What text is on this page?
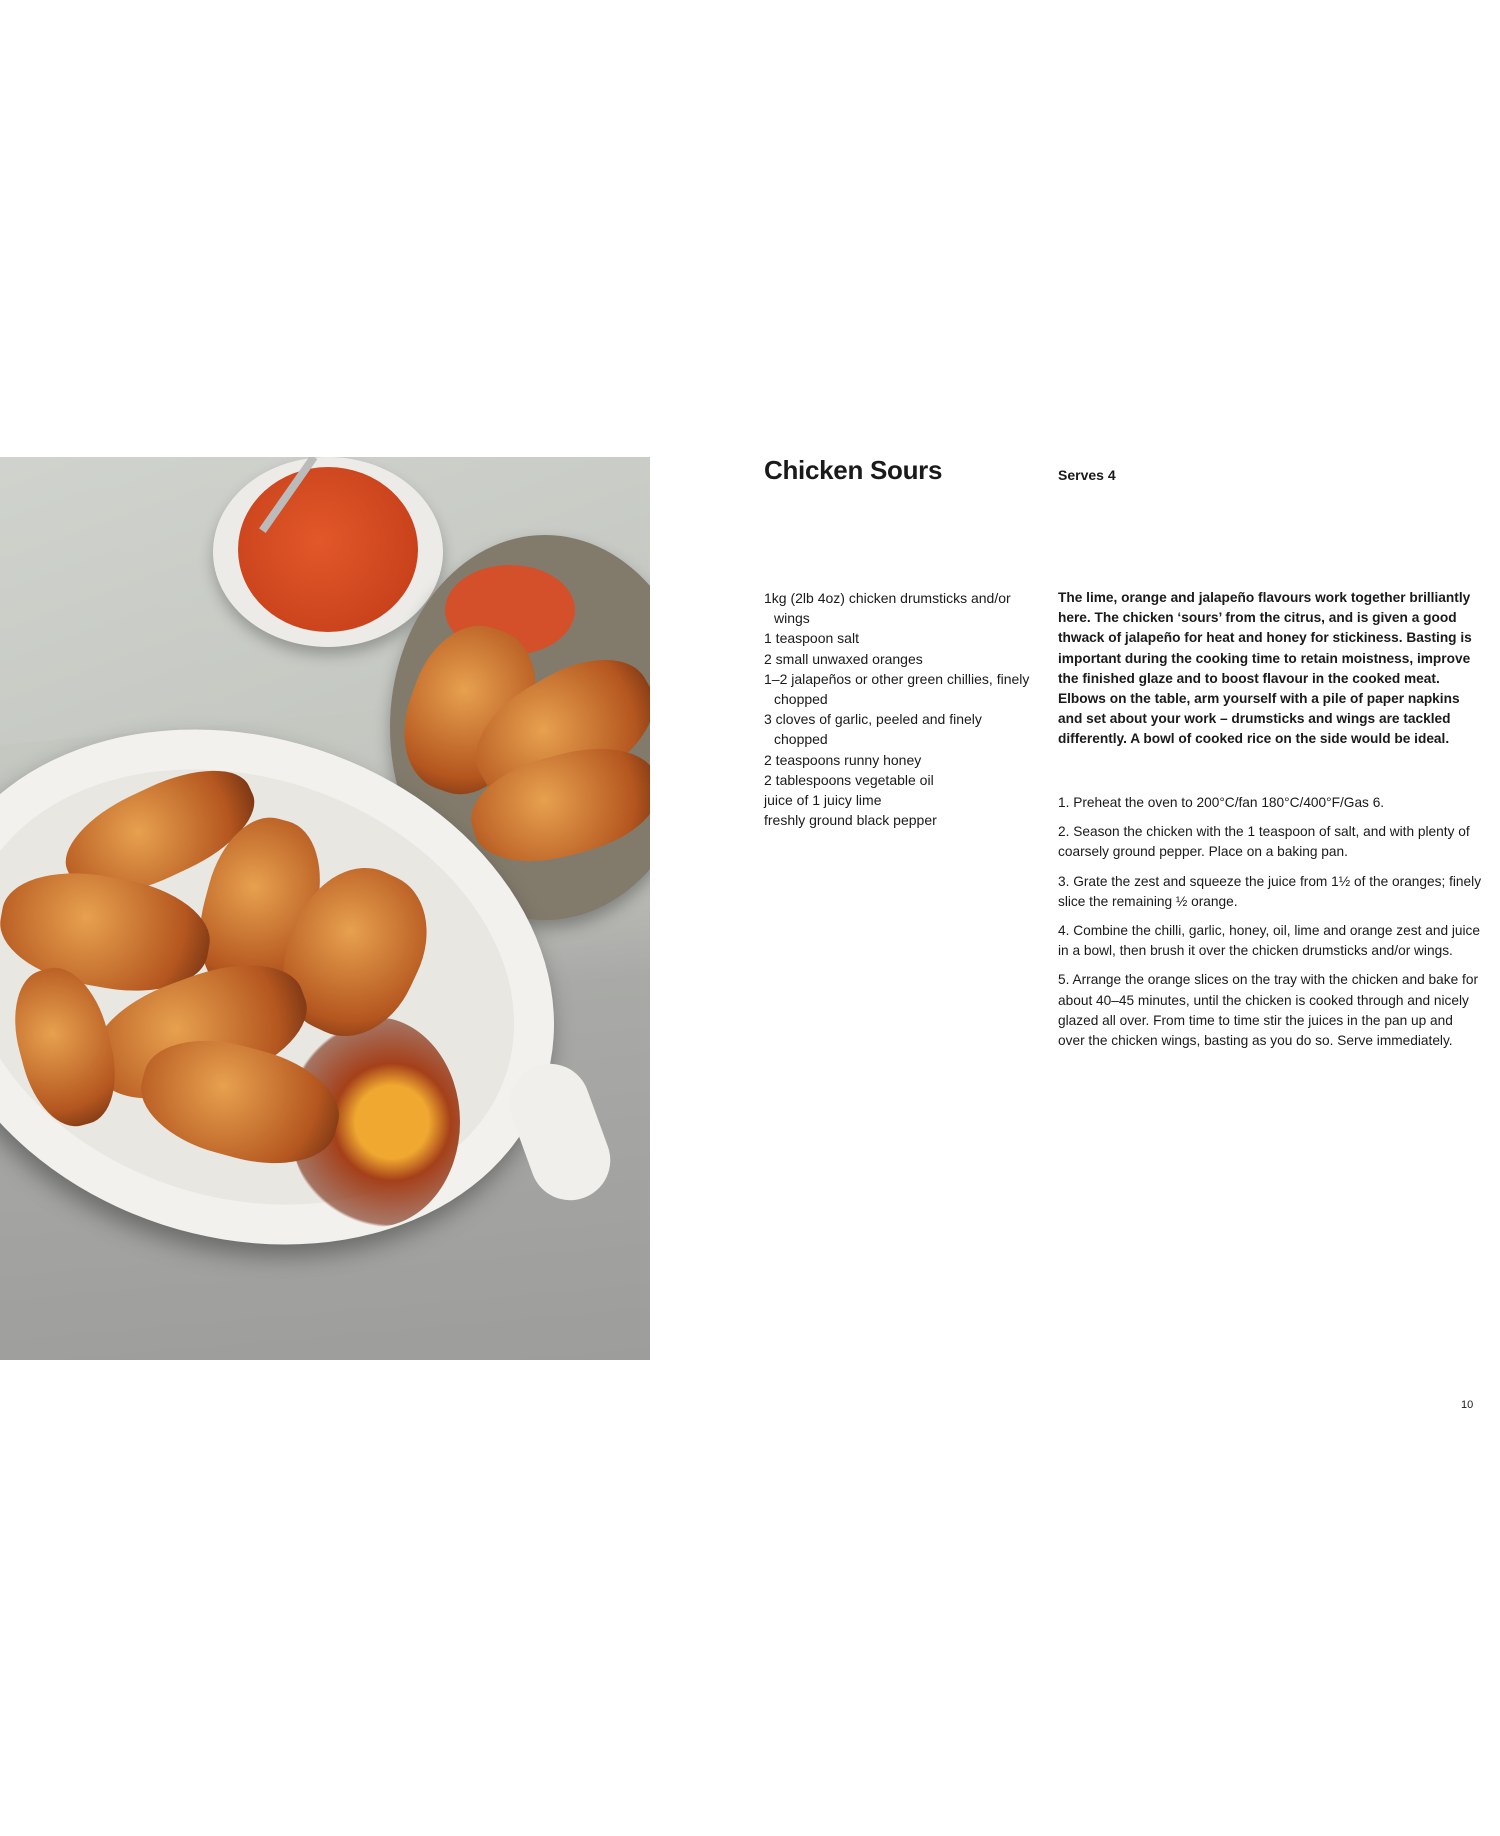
Chicken Sours	Serves 4
1kg (2lb 4oz) chicken drumsticks and/or wings
1 teaspoon salt
2 small unwaxed oranges
1–2 jalapeños or other green chillies, finely chopped
3 cloves of garlic, peeled and finely chopped
2 teaspoons runny honey
2 tablespoons vegetable oil
juice of 1 juicy lime
freshly ground black pepper

The lime, orange and jalapeño flavours work together brilliantly here. The chicken ‘sours’ from the citrus, and is given a good thwack of jalapeño for heat and honey for stickiness. Basting is important during the cooking time to retain moistness, improve the finished glaze and to boost flavour in the cooked meat. Elbows on the table, arm yourself with a pile of paper napkins and set about your work – drumsticks and wings are tackled differently. A bowl of cooked rice on the side would be ideal.

1. Preheat the oven to 200°C/fan 180°C/400°F/Gas 6.
2. Season the chicken with the 1 teaspoon of salt, and with plenty of coarsely ground pepper. Place on a baking pan.
3. Grate the zest and squeeze the juice from 1½ of the oranges; finely slice the remaining ½ orange.
4. Combine the chilli, garlic, honey, oil, lime and orange zest and juice in a bowl, then brush it over the chicken drumsticks and/or wings.
5. Arrange the orange slices on the tray with the chicken and bake for about 40–45 minutes, until the chicken is cooked through and nicely glazed all over. From time to time stir the juices in the pan up and over the chicken wings, basting as you do so. Serve immediately.
10
